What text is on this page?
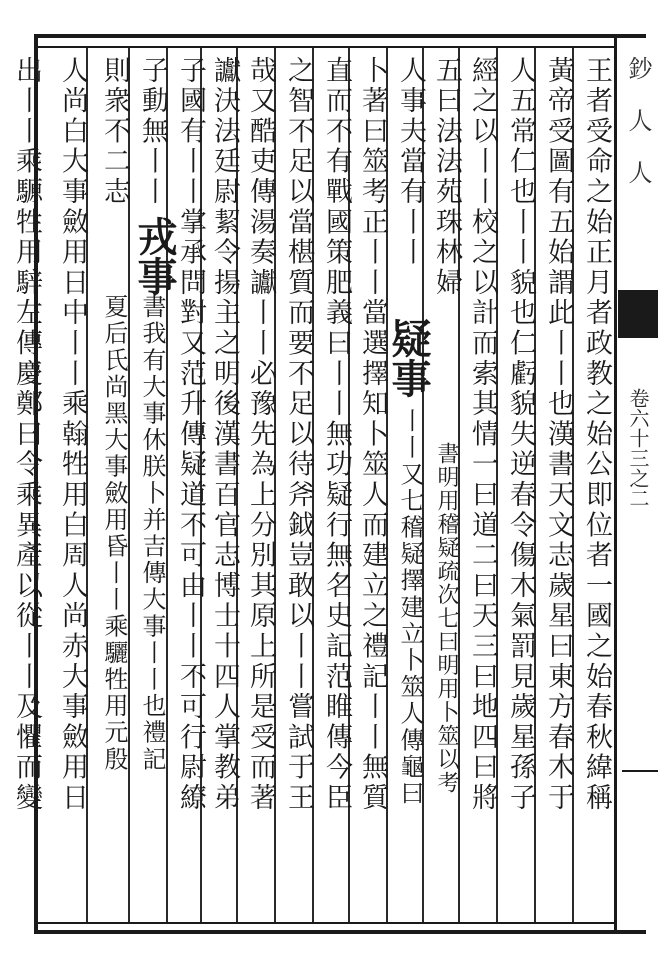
鈔 人 人
卷六十三之二
王者受命之始正月者政教之始公即位者一國之始春秋緯稱
黃帝受圖有五始謂此丨丨也漢書天文志歲星曰東方春木于
人五常仁也丨丨貌也仁虧貌失逆春令傷木氣罰見歲星孫子
經之以丨丨校之以計而索其情一曰道二曰天三曰地四曰將
五曰法法苑珠林婦
書明用稽疑疏次七曰明用卜筮以考
人事夫當有丨丨
疑事
丨丨又七稽疑擇建立卜筮人傳龜曰
卜著曰筮考正丨丨當選擇知卜筮人而建立之禮記丨丨無質
直而不有戰國策肥義曰丨丨無功疑行無名史記范睢傳今臣
之智不足以當椹質而要不足以待斧鉞豈敢以丨丨嘗試于王
哉又酷吏傳湯奏讞丨丨必豫先為上分別其原上所是受而著
讞決法廷尉絜令揚主之明後漢書百官志博士十四人掌教弟
子國有丨丨掌承問對又范升傳疑道不可由丨丨不可行尉繚
子動無丨丨
書我有大事休朕卜并吉傳大事丨丨也禮記
則衆不二志
戎事
夏后氏尚黑大事斂用昏丨丨乘驪牲用元殷
人尚白大事斂用日中丨丨乘翰牲用白周人尚赤大事斂用日
出丨丨乘騵牲用騂左傳慶鄭曰令乘異產以從丨丨及懼而變
